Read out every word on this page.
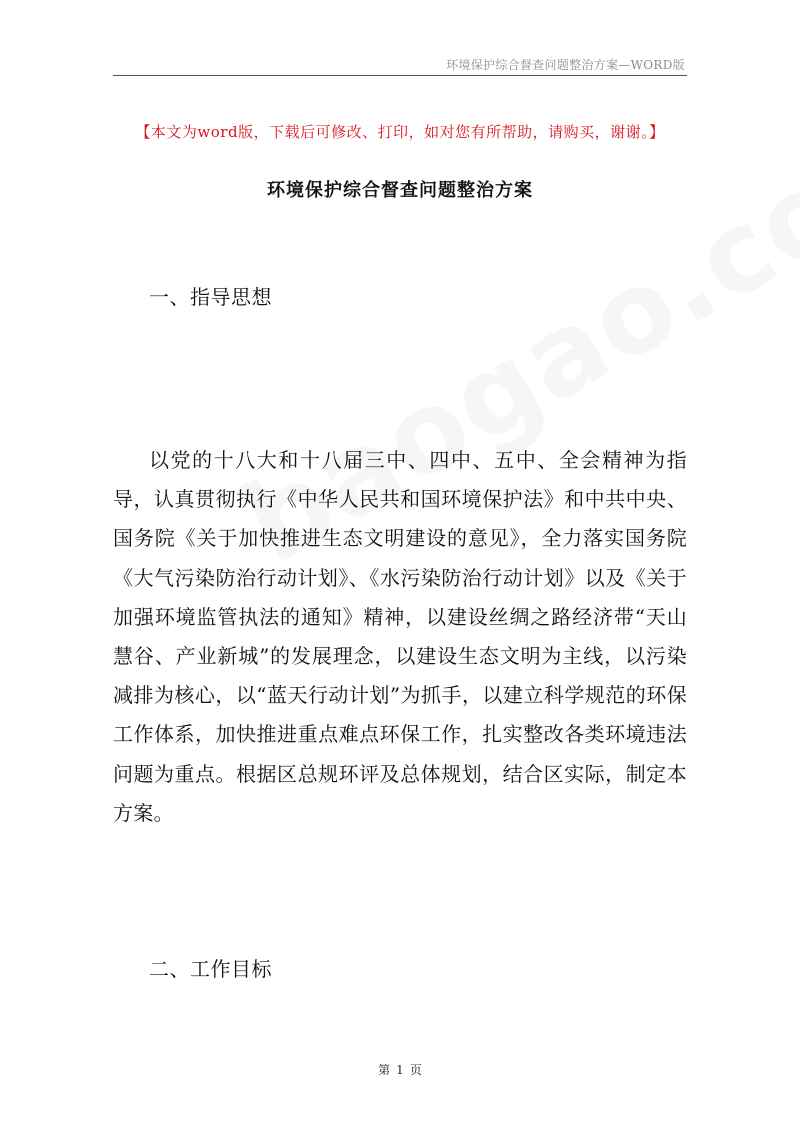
环境保护综合督查问题整治方案—WORD版
【本文为word版，下载后可修改、打印，如对您有所帮助，请购买，谢谢。】
环境保护综合督查问题整治方案
一、指导思想

以党的十八大和十八届三中、四中、五中、全会精神为指导，认真贯彻执行《中华人民共和国环境保护法》和中共中央、国务院《关于加快推进生态文明建设的意见》，全力落实国务院《大气污染防治行动计划》、《水污染防治行动计划》以及《关于加强环境监管执法的通知》精神，以建设丝绸之路经济带“天山慧谷、产业新城”的发展理念，以建设生态文明为主线，以污染减排为核心，以“蓝天行动计划”为抓手，以建立科学规范的环保工作体系，加快推进重点难点环保工作，扎实整改各类环境违法问题为重点。根据区总规环评及总体规划，结合区实际，制定本方案。

二、工作目标
第 1 页
